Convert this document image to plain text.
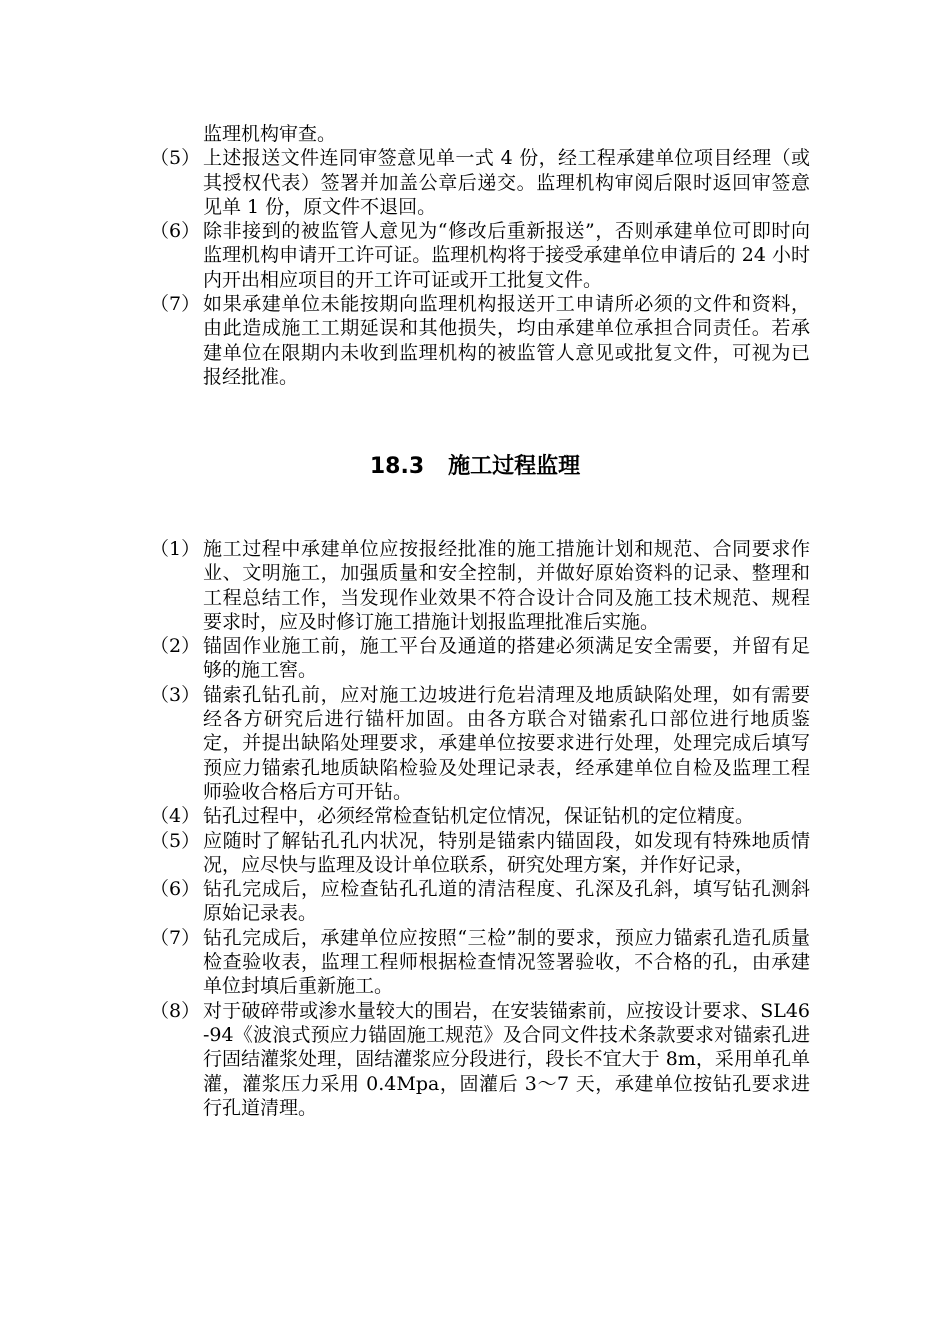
监理机构审查。
（5） 上述报送文件连同审签意见单一式 4 份，经工程承建单位项目经理（或其授权代表）签署并加盖公章后递交。监理机构审阅后限时返回审签意见单 1 份，原文件不退回。
（6） 除非接到的被监管人意见为“修改后重新报送”，否则承建单位可即时向监理机构申请开工许可证。监理机构将于接受承建单位申请后的 24 小时内开出相应项目的开工许可证或开工批复文件。
（7） 如果承建单位未能按期向监理机构报送开工申请所必须的文件和资料，由此造成施工工期延误和其他损失，均由承建单位承担合同责任。若承建单位在限期内未收到监理机构的被监管人意见或批复文件，可视为已报经批准。
18.3 施工过程监理
（1） 施工过程中承建单位应按报经批准的施工措施计划和规范、合同要求作业、文明施工，加强质量和安全控制，并做好原始资料的记录、整理和工程总结工作，当发现作业效果不符合设计合同及施工技术规范、规程要求时，应及时修订施工措施计划报监理批准后实施。
（2） 锚固作业施工前，施工平台及通道的搭建必须满足安全需要，并留有足够的施工窖。
（3） 锚索孔钻孔前，应对施工边坡进行危岩清理及地质缺陷处理，如有需要经各方研究后进行锚杆加固。由各方联合对锚索孔口部位进行地质鉴定，并提出缺陷处理要求，承建单位按要求进行处理，处理完成后填写预应力锚索孔地质缺陷检验及处理记录表，经承建单位自检及监理工程师验收合格后方可开钻。
（4） 钻孔过程中，必须经常检查钻机定位情况，保证钻机的定位精度。
（5） 应随时了解钻孔孔内状况，特别是锚索内锚固段，如发现有特殊地质情况，应尽快与监理及设计单位联系，研究处理方案，并作好记录，
（6） 钻孔完成后，应检查钻孔孔道的清洁程度、孔深及孔斜，填写钻孔测斜原始记录表。
（7） 钻孔完成后，承建单位应按照“三检”制的要求，预应力锚索孔造孔质量检查验收表，监理工程师根据检查情况签署验收，不合格的孔，由承建单位封填后重新施工。
（8） 对于破碎带或渗水量较大的围岩，在安装锚索前，应按设计要求、SL46-94《波浪式预应力锚固施工规范》及合同文件技术条款要求对锚索孔进行固结灌浆处理，固结灌浆应分段进行，段长不宜大于 8m，采用单孔单灌，灌浆压力采用 0.4Mpa，固灌后 3～7 天，承建单位按钻孔要求进行孔道清理。
